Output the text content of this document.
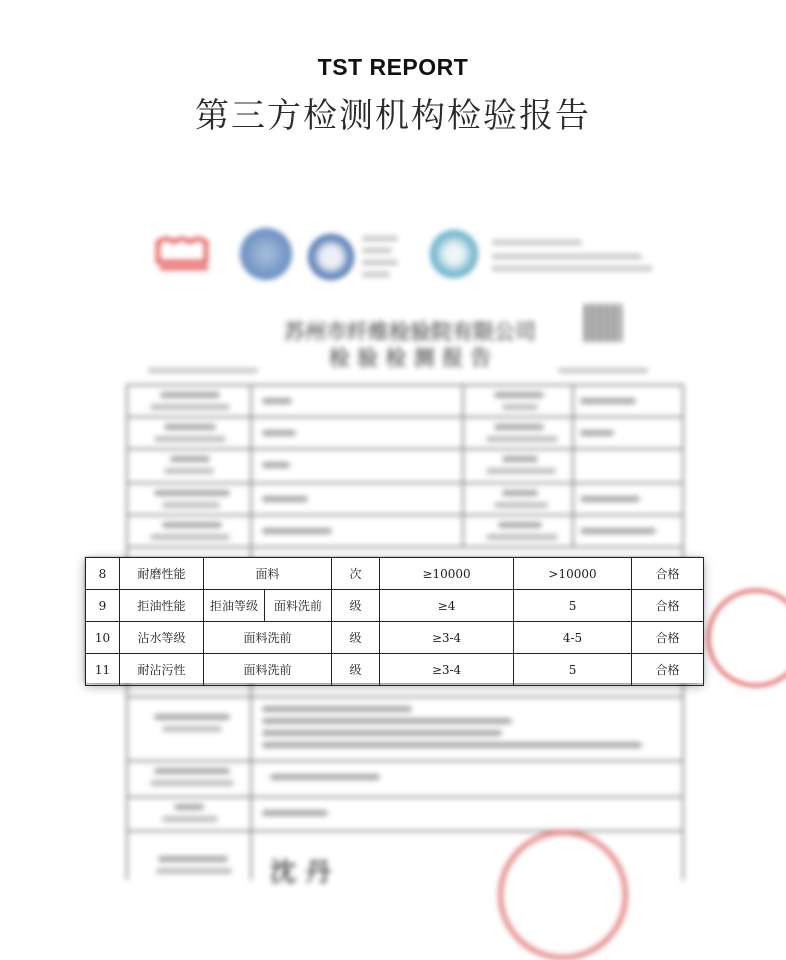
TST REPORT
第三方检测机构检验报告
苏州市纤维检验院有限公司
检 验 检 测 报 告
沈 丹
8	耐磨性能	面料		次	≥10000	>10000	合格
9	拒油性能	拒油等级	面料洗前	级	≥4	5	合格
10	沾水等级	面料洗前		级	≥3-4	4-5	合格
11	耐沾污性	面料洗前		级	≥3-4	5	合格
